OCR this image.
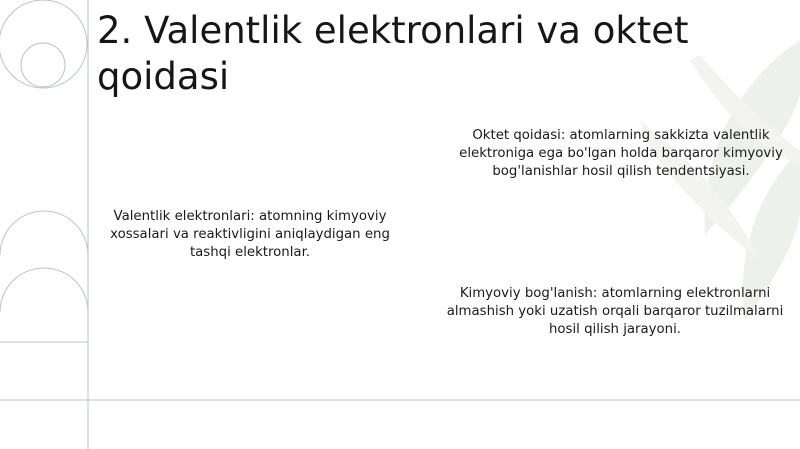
2. Valentlik elektronlari va oktet qoidasi

Valentlik elektronlari: atomning kimyoviy xossalari va reaktivligini aniqlaydigan eng tashqi elektronlar.

Oktet qoidasi: atomlarning sakkizta valentlik elektroniga ega bo'lgan holda barqaror kimyoviy bog'lanishlar hosil qilish tendentsiyasi.

Kimyoviy bog'lanish: atomlarning elektronlarni almashish yoki uzatish orqali barqaror tuzilmalarni hosil qilish jarayoni.
